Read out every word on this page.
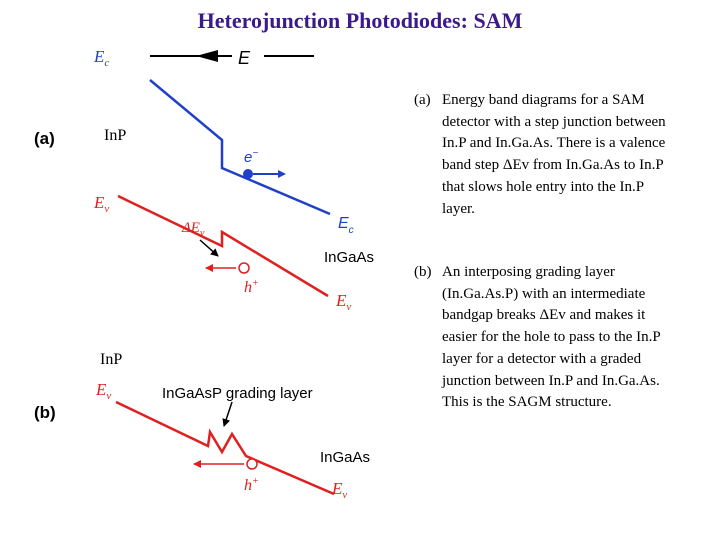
Heterojunction Photodiodes: SAM
(a)
$E_c$	E
InP
e−
$E_c$
$E_v$
$\Delta E_v$
InGaAs
h+
$E_v$
(b)
InP
$E_v$	InGaAsP grading layer
InGaAs
h+	$E_v$
(a) Energy band diagrams for a SAM detector with a step junction between In.P and In.Ga.As. There is a valence band step ΔEv from In.Ga.As to In.P that slows hole entry into the In.P layer.
(b) An interposing grading layer (In.Ga.As.P) with an intermediate bandgap breaks ΔEv and makes it easier for the hole to pass to the In.P layer for a detector with a graded junction between In.P and In.Ga.As. This is the SAGM structure.
